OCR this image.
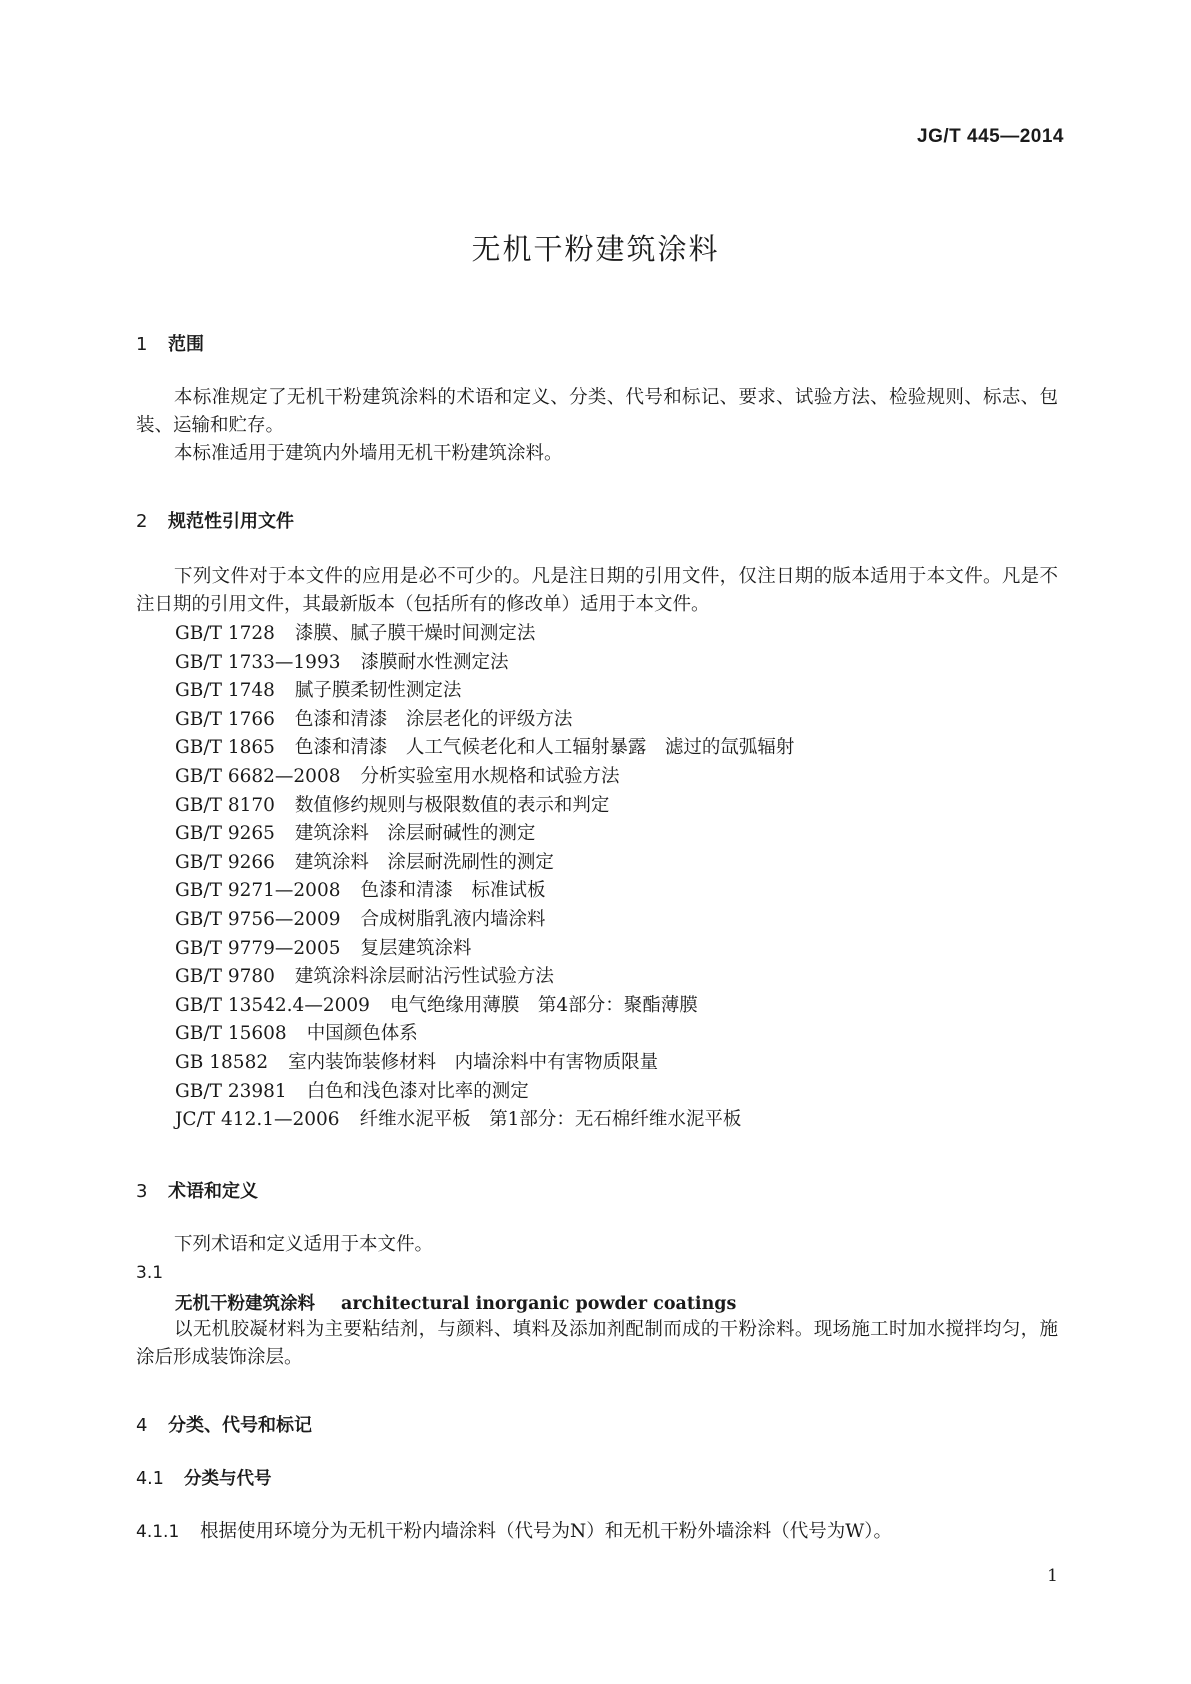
JG/T 445—2014
无机干粉建筑涂料
1 范围

本标准规定了无机干粉建筑涂料的术语和定义、分类、代号和标记、要求、试验方法、检验规则、标志、包装、运输和贮存。

本标准适用于建筑内外墙用无机干粉建筑涂料。

2 规范性引用文件

下列文件对于本文件的应用是必不可少的。凡是注日期的引用文件，仅注日期的版本适用于本文件。凡是不注日期的引用文件，其最新版本（包括所有的修改单）适用于本文件。

GB/T 1728 漆膜、腻子膜干燥时间测定法
GB/T 1733—1993 漆膜耐水性测定法
GB/T 1748 腻子膜柔韧性测定法
GB/T 1766 色漆和清漆　涂层老化的评级方法
GB/T 1865 色漆和清漆　人工气候老化和人工辐射暴露　滤过的氙弧辐射
GB/T 6682—2008 分析实验室用水规格和试验方法
GB/T 8170 数值修约规则与极限数值的表示和判定
GB/T 9265 建筑涂料　涂层耐碱性的测定
GB/T 9266 建筑涂料　涂层耐洗刷性的测定
GB/T 9271—2008 色漆和清漆　标准试板
GB/T 9756—2009 合成树脂乳液内墙涂料
GB/T 9779—2005 复层建筑涂料
GB/T 9780 建筑涂料涂层耐沾污性试验方法
GB/T 13542.4—2009 电气绝缘用薄膜　第4部分：聚酯薄膜
GB/T 15608 中国颜色体系
GB 18582 室内装饰装修材料　内墙涂料中有害物质限量
GB/T 23981 白色和浅色漆对比率的测定
JC/T 412.1—2006 纤维水泥平板　第1部分：无石棉纤维水泥平板
3 术语和定义

下列术语和定义适用于本文件。

3.1
无机干粉建筑涂料 architectural inorganic powder coatings

以无机胶凝材料为主要粘结剂，与颜料、填料及添加剂配制而成的干粉涂料。现场施工时加水搅拌均匀，施涂后形成装饰涂层。

4 分类、代号和标记
4.1 分类与代号
4.1.1 根据使用环境分为无机干粉内墙涂料（代号为N）和无机干粉外墙涂料（代号为W）。
1
